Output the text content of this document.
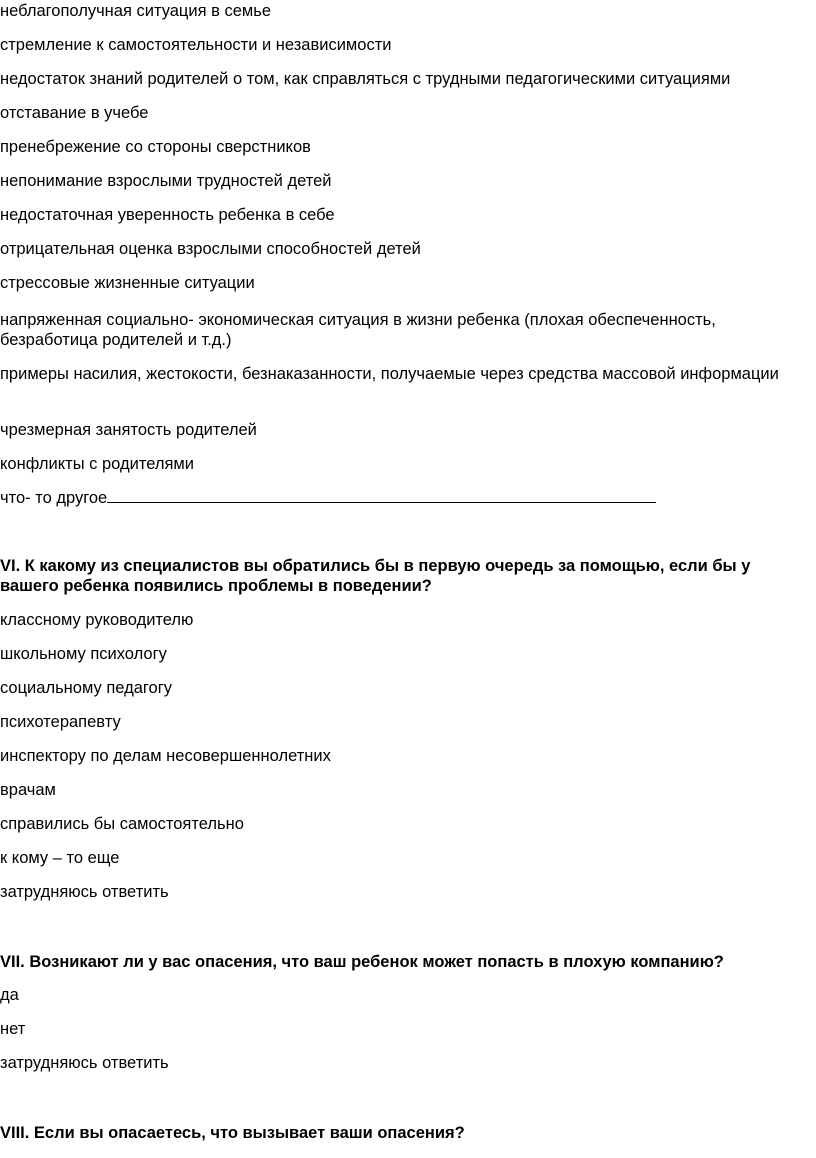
неблагополучная ситуация в семье

стремление к самостоятельности и независимости

недостаток знаний родителей о том, как справляться с трудными педагогическими ситуациями

отставание в учебе

пренебрежение со стороны сверстников

непонимание взрослыми трудностей детей

недостаточная уверенность ребенка в себе

отрицательная оценка взрослыми способностей детей

стрессовые жизненные ситуации

напряженная социально- экономическая ситуация в жизни ребенка (плохая обеспеченность, безработица родителей и т.д.)

примеры насилия, жестокости, безнаказанности, получаемые через средства массовой информации

чрезмерная занятость родителей

конфликты с родителями

что- то другое

VI. К какому из специалистов вы обратились бы в первую очередь за помощью, если бы у вашего ребенка появились проблемы в поведении?

классному руководителю

школьному психологу

социальному педагогу

психотерапевту

инспектору по делам несовершеннолетних

врачам

справились бы самостоятельно

к кому – то еще

затрудняюсь ответить

VII. Возникают ли у вас опасения, что ваш ребенок может попасть в плохую компанию?

да

нет

затрудняюсь ответить

VIII. Если вы опасаетесь, что вызывает ваши опасения?
